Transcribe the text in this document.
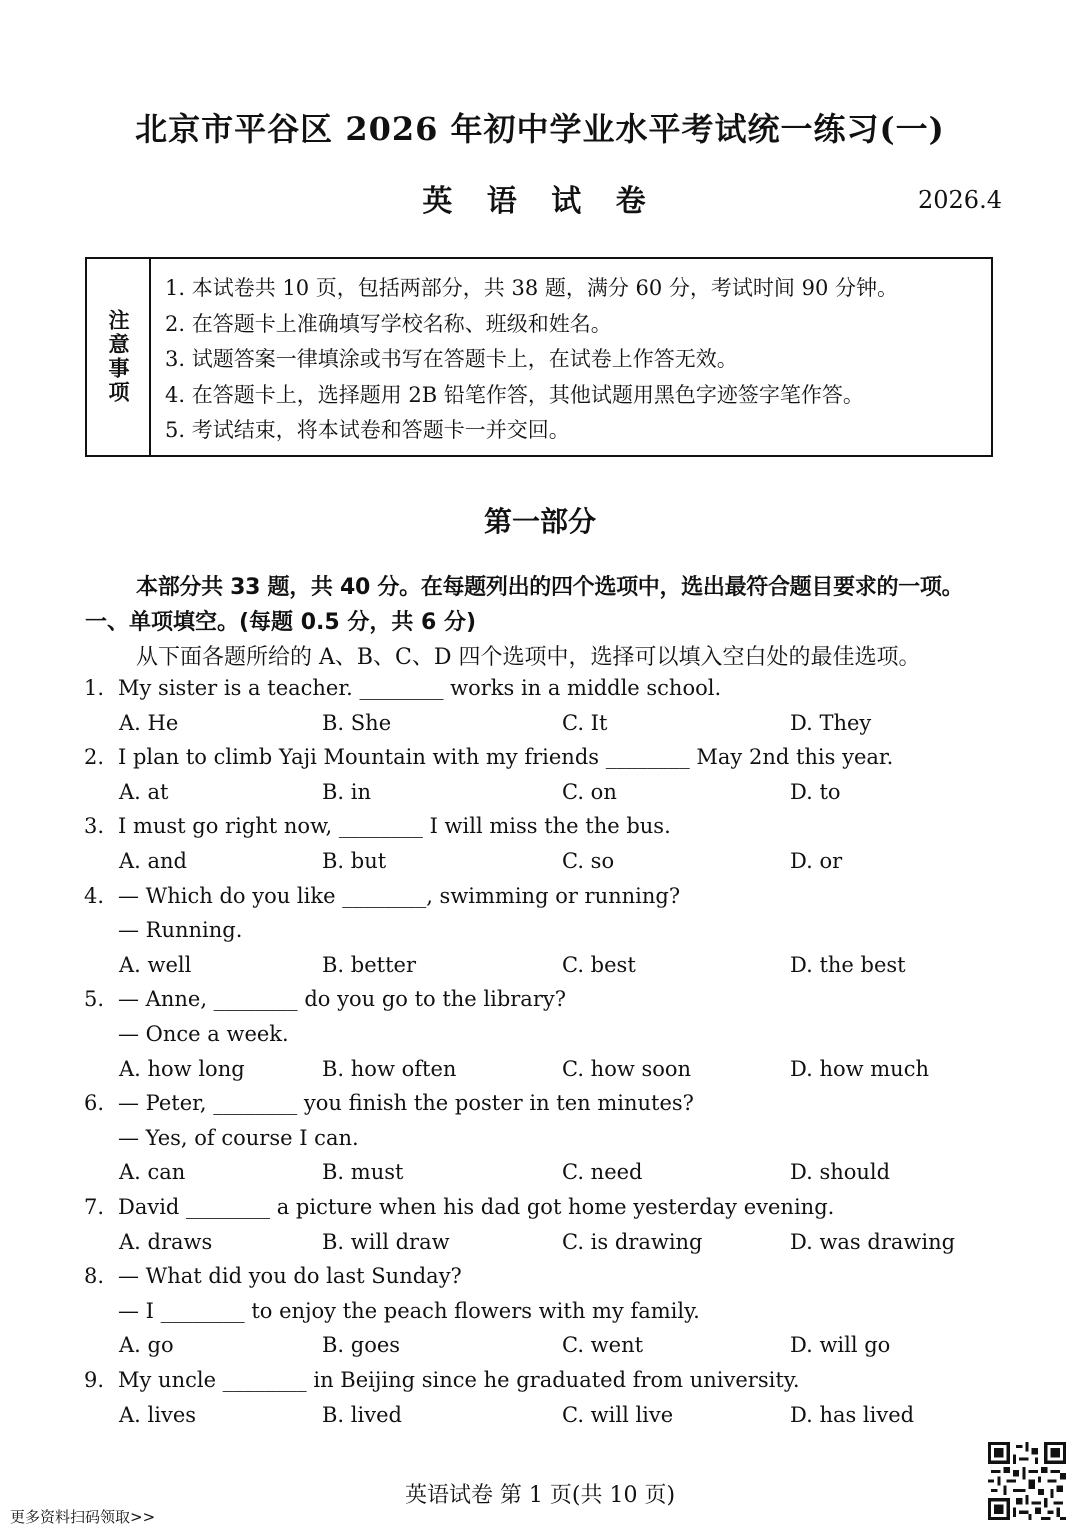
北京市平谷区 2026 年初中学业水平考试统一练习(一)
英 语 试 卷	2026.4
注意事项
1. 本试卷共 10 页，包括两部分，共 38 题，满分 60 分，考试时间 90 分钟。
2. 在答题卡上准确填写学校名称、班级和姓名。
3. 试题答案一律填涂或书写在答题卡上，在试卷上作答无效。
4. 在答题卡上，选择题用 2B 铅笔作答，其他试题用黑色字迹签字笔作答。
5. 考试结束，将本试卷和答题卡一并交回。
第一部分
本部分共 33 题，共 40 分。在每题列出的四个选项中，选出最符合题目要求的一项。
一、单项填空。(每题 0.5 分，共 6 分)
从下面各题所给的 A、B、C、D 四个选项中，选择可以填入空白处的最佳选项。
1. My sister is a teacher. ________ works in a middle school.
A. He	B. She	C. It	D. They
2. I plan to climb Yaji Mountain with my friends ________ May 2nd this year.
A. at	B. in	C. on	D. to
3. I must go right now, ________ I will miss the the bus.
A. and	B. but	C. so	D. or
4. — Which do you like ________, swimming or running?
— Running.
A. well	B. better	C. best	D. the best
5. — Anne, ________ do you go to the library?
— Once a week.
A. how long	B. how often	C. how soon	D. how much
6. — Peter, ________ you finish the poster in ten minutes?
— Yes, of course I can.
A. can	B. must	C. need	D. should
7. David ________ a picture when his dad got home yesterday evening.
A. draws	B. will draw	C. is drawing	D. was drawing
8. — What did you do last Sunday?
— I ________ to enjoy the peach flowers with my family.
A. go	B. goes	C. went	D. will go
9. My uncle ________ in Beijing since he graduated from university.
A. lives	B. lived	C. will live	D. has lived
英语试卷 第 1 页(共 10 页)
更多资料扫码领取>>
